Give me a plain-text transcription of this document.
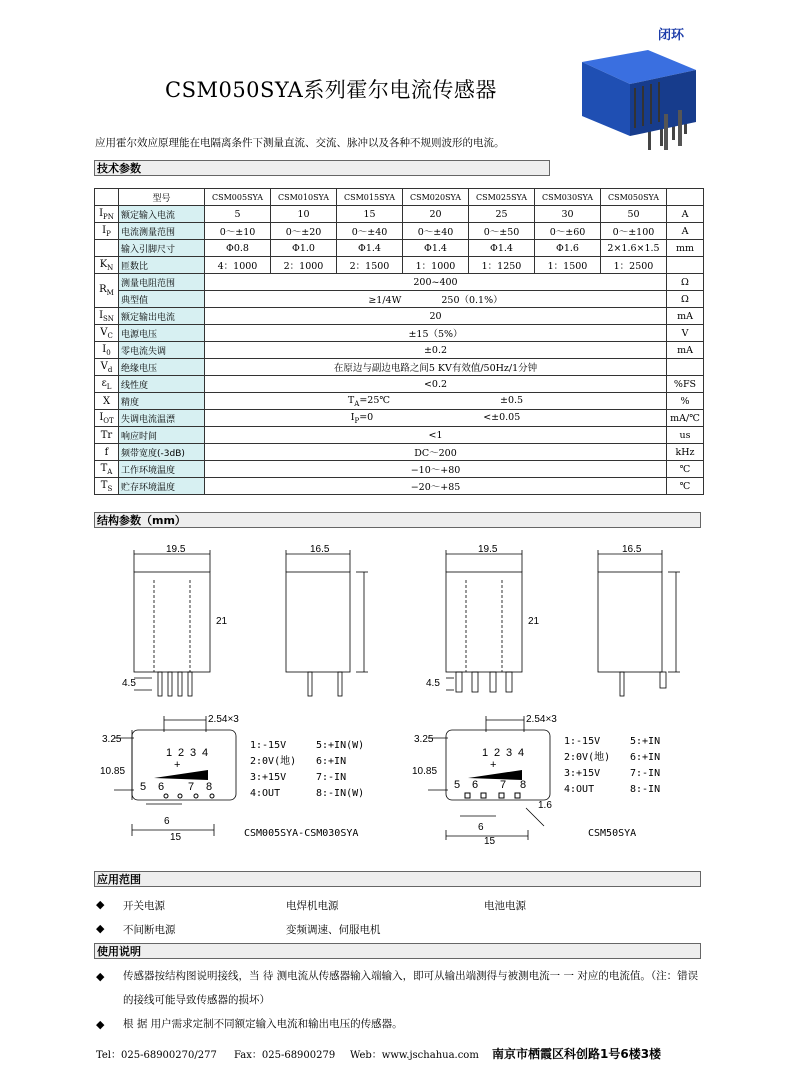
闭环
CSM050SYA系列霍尔电流传感器
应用霍尔效应原理能在电隔离条件下测量直流、交流、脉冲以及各种不规则波形的电流。
技术参数
	型号	CSM005SYA	CSM010SYA	CSM015SYA	CSM020SYA	CSM025SYA	CSM030SYA	CSM050SYA	
$I_{PN}$	额定输入电流	5	10	15	20	25	30	50	A
$I_P$	电流测量范围	0～±10	0～±20	0～±40	0～±40	0～±50	0～±60	0～±100	A
	输入引脚尺寸	Φ0.8	Φ1.0	Φ1.4	Φ1.4	Φ1.4	Φ1.6	2×1.6×1.5	mm
$K_N$	匝数比	4：1000	2：1000	2：1500	1：1000	1：1250	1：1500	1：2500	
$R_M$	测量电阻范围	200~400							Ω
	典型值	≥1/4W 250（0.1%）							Ω
$I_{SN}$	额定输出电流	20							mA
$V_C$	电源电压	±15（5%）							V
$I_0$	零电流失调	±0.2							mA
$V_d$	绝缘电压	在原边与副边电路之间5 KV有效值/50Hz/1分钟							
$\varepsilon_L$	线性度	<0.2							%FS
X	精度	$T_A=25℃ \pm 0.5$							%
$I_{OT}$	失调电流温漂	$I_P=0 <\pm 0.05$							mA/℃
Tr	响应时间	<1							us
f	频带宽度(-3dB)	DC～200							kHz
$T_A$	工作环境温度	−10～+80							℃
$T_S$	贮存环境温度	−20～+85							℃
结构参数（mm）
19.5	16.5
21
4.5
19.5	16.5
21
4.5
2.54×3
3.25
10.85
6
15
2.54×3
3.25
10.85
6
15
1.6
1 2 3 4
+
5 6 7 8
1 2 3 4
+
5 6 7 8
1:-15V
2:0V(地)
3:+15V
4:OUT
5:+IN(W)
6:+IN
7:-IN
8:-IN(W)
1:-15V
2:0V(地)
3:+15V
4:OUT
5:+IN
6:+IN
7:-IN
8:-IN
CSM005SYA-CSM030SYA	CSM50SYA
应用范围
◆ 开关电源	电焊机电源	电池电源
◆ 不间断电源	变频调速、伺服电机
使用说明
◆ 传感器按结构图说明接线，当 待 测电流从传感器输入端输入，即可从输出端测得与被测电流一 一 对应的电流值。（注：错误的接线可能导致传感器的损坏）
◆ 根 据 用户需求定制不同额定输入电流和输出电压的传感器。
Tel：025-68900270/277 Fax：025-68900279 Web：www.jschahua.com 南京市栖霞区科创路1号6楼3楼
